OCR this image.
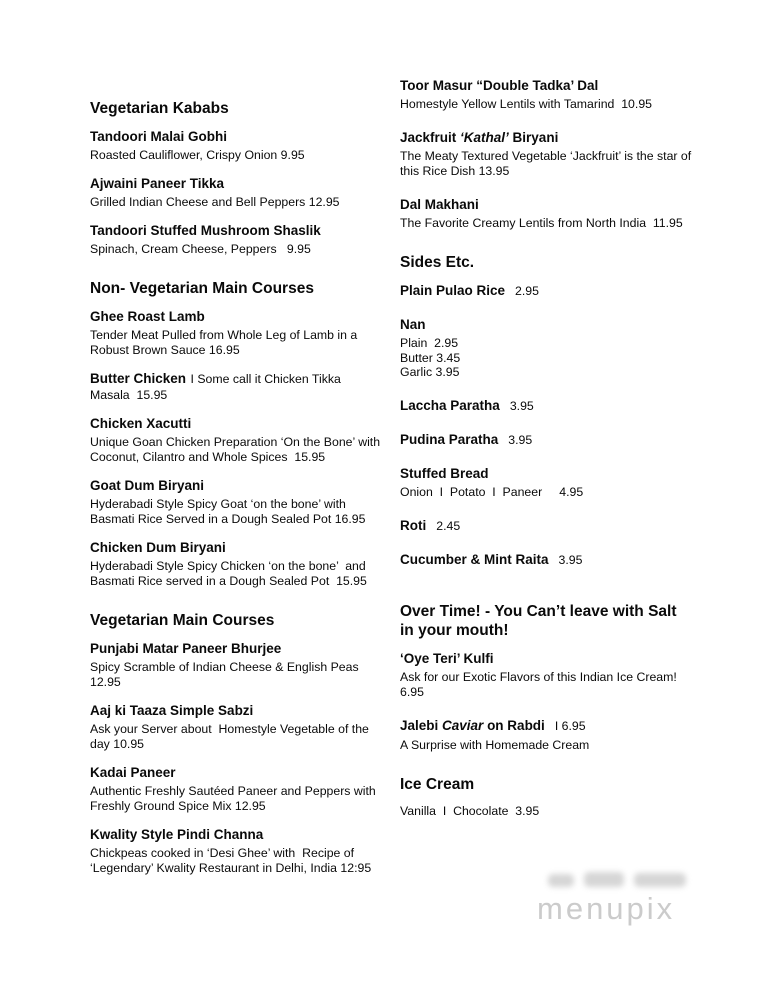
Vegetarian Kababs
Tandoori Malai Gobhi
Roasted Cauliflower, Crispy Onion 9.95
Ajwaini Paneer Tikka
Grilled Indian Cheese and Bell Peppers 12.95
Tandoori Stuffed Mushroom Shaslik
Spinach, Cream Cheese, Peppers   9.95
Non- Vegetarian Main Courses
Ghee Roast Lamb
Tender Meat Pulled from Whole Leg of Lamb in a Robust Brown Sauce 16.95
Butter Chicken I Some call it Chicken Tikka Masala  15.95
Chicken Xacutti
Unique Goan Chicken Preparation ‘On the Bone’ with Coconut, Cilantro and Whole Spices  15.95
Goat Dum Biryani
Hyderabadi Style Spicy Goat ‘on the bone’ with Basmati Rice Served in a Dough Sealed Pot 16.95
Chicken Dum Biryani
Hyderabadi Style Spicy Chicken ‘on the bone’  and Basmati Rice served in a Dough Sealed Pot  15.95
Vegetarian Main Courses
Punjabi Matar Paneer Bhurjee
Spicy Scramble of Indian Cheese & English Peas 12.95
Aaj ki Taaza Simple Sabzi
Ask your Server about  Homestyle Vegetable of the day 10.95
Kadai Paneer
Authentic Freshly Sautéed Paneer and Peppers with Freshly Ground Spice Mix 12.95
Kwality Style Pindi Channa
Chickpeas cooked in ‘Desi Ghee’ with  Recipe of ‘Legendary’ Kwality Restaurant in Delhi, India 12:95
Toor Masur “Double Tadka’ Dal
Homestyle Yellow Lentils with Tamarind  10.95
Jackfruit ‘Kathal’ Biryani
The Meaty Textured Vegetable ‘Jackfruit’ is the star of this Rice Dish 13.95
Dal Makhani
The Favorite Creamy Lentils from North India  11.95
Sides Etc.
Plain Pulao Rice 2.95
Nan
Plain  2.95
Butter 3.45
Garlic 3.95
Laccha Paratha 3.95
Pudina Paratha 3.95
Stuffed Bread
Onion  I  Potato  I  Paneer     4.95
Roti 2.45
Cucumber & Mint Raita 3.95
Over Time! - You Can’t leave with Salt in your mouth!
‘Oye Teri’ Kulfi
Ask for our Exotic Flavors of this Indian Ice Cream!
6.95
Jalebi Caviar on Rabdi I 6.95
A Surprise with Homemade Cream
Ice Cream
Vanilla  I  Chocolate  3.95
menupix
